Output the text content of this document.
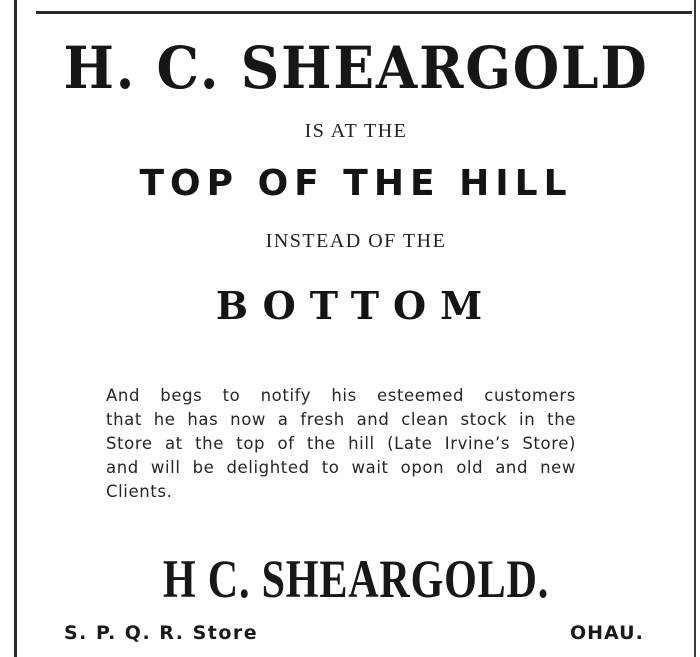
H. C. SHEARGOLD
IS AT THE
TOP OF THE HILL
INSTEAD OF THE
BOTTOM
And begs to notify his esteemed customers
that he has now a fresh and clean stock in the
Store at the top of the hill (Late Irvine’s Store)
and will be delighted to wait opon old and new
Clients.
H C. SHEARGOLD.
S. P. Q. R. Store	OHAU.
